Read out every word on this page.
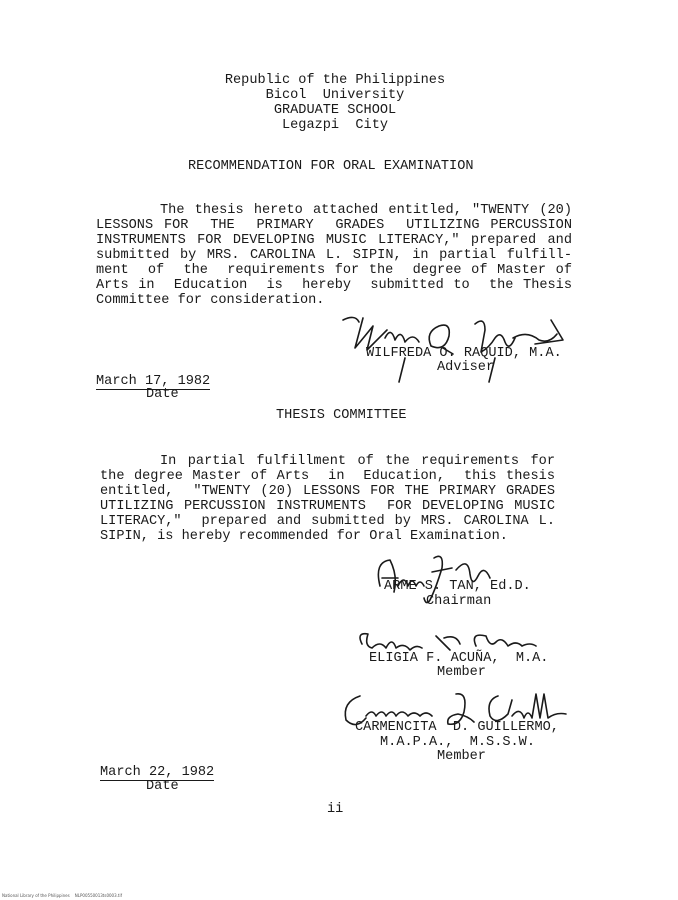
Republic of the Philippines
Bicol  University
GRADUATE SCHOOL
Legazpi  City
RECOMMENDATION FOR ORAL EXAMINATION
The thesis hereto attached entitled, "TWENTY (20)
LESSONS FOR  THE  PRIMARY  GRADES  UTILIZING PERCUSSION
INSTRUMENTS FOR DEVELOPING MUSIC LITERACY," prepared and
submitted by MRS. CAROLINA L. SIPIN, in partial fulfill-
ment  of  the  requirements for the  degree of Master of
Arts in  Education  is  hereby  submitted to  the Thesis
Committee for consideration.
WILFREDA O. RAQUID, M.A.
Adviser
March 17, 1982
Date
THESIS COMMITTEE
In partial fulfillment of the requirements for
the degree Master of Arts  in  Education,  this thesis
entitled,  "TWENTY (20) LESSONS FOR THE PRIMARY GRADES
UTILIZING PERCUSSION INSTRUMENTS  FOR DEVELOPING MUSIC
LITERACY,"  prepared and submitted by MRS. CAROLINA L.
SIPIN, is hereby recommended for Oral Examination.
ARME S. TAN, Ed.D.
Chairman
ELIGIA F. ACUÑA,  M.A.
Member
CARMENCITA  D. GUILLERMO,
M.A.P.A.,  M.S.S.W.
Member
March 22, 1982
Date
ii
National Library of the Philippines    NLP00550013ts0003.tif
